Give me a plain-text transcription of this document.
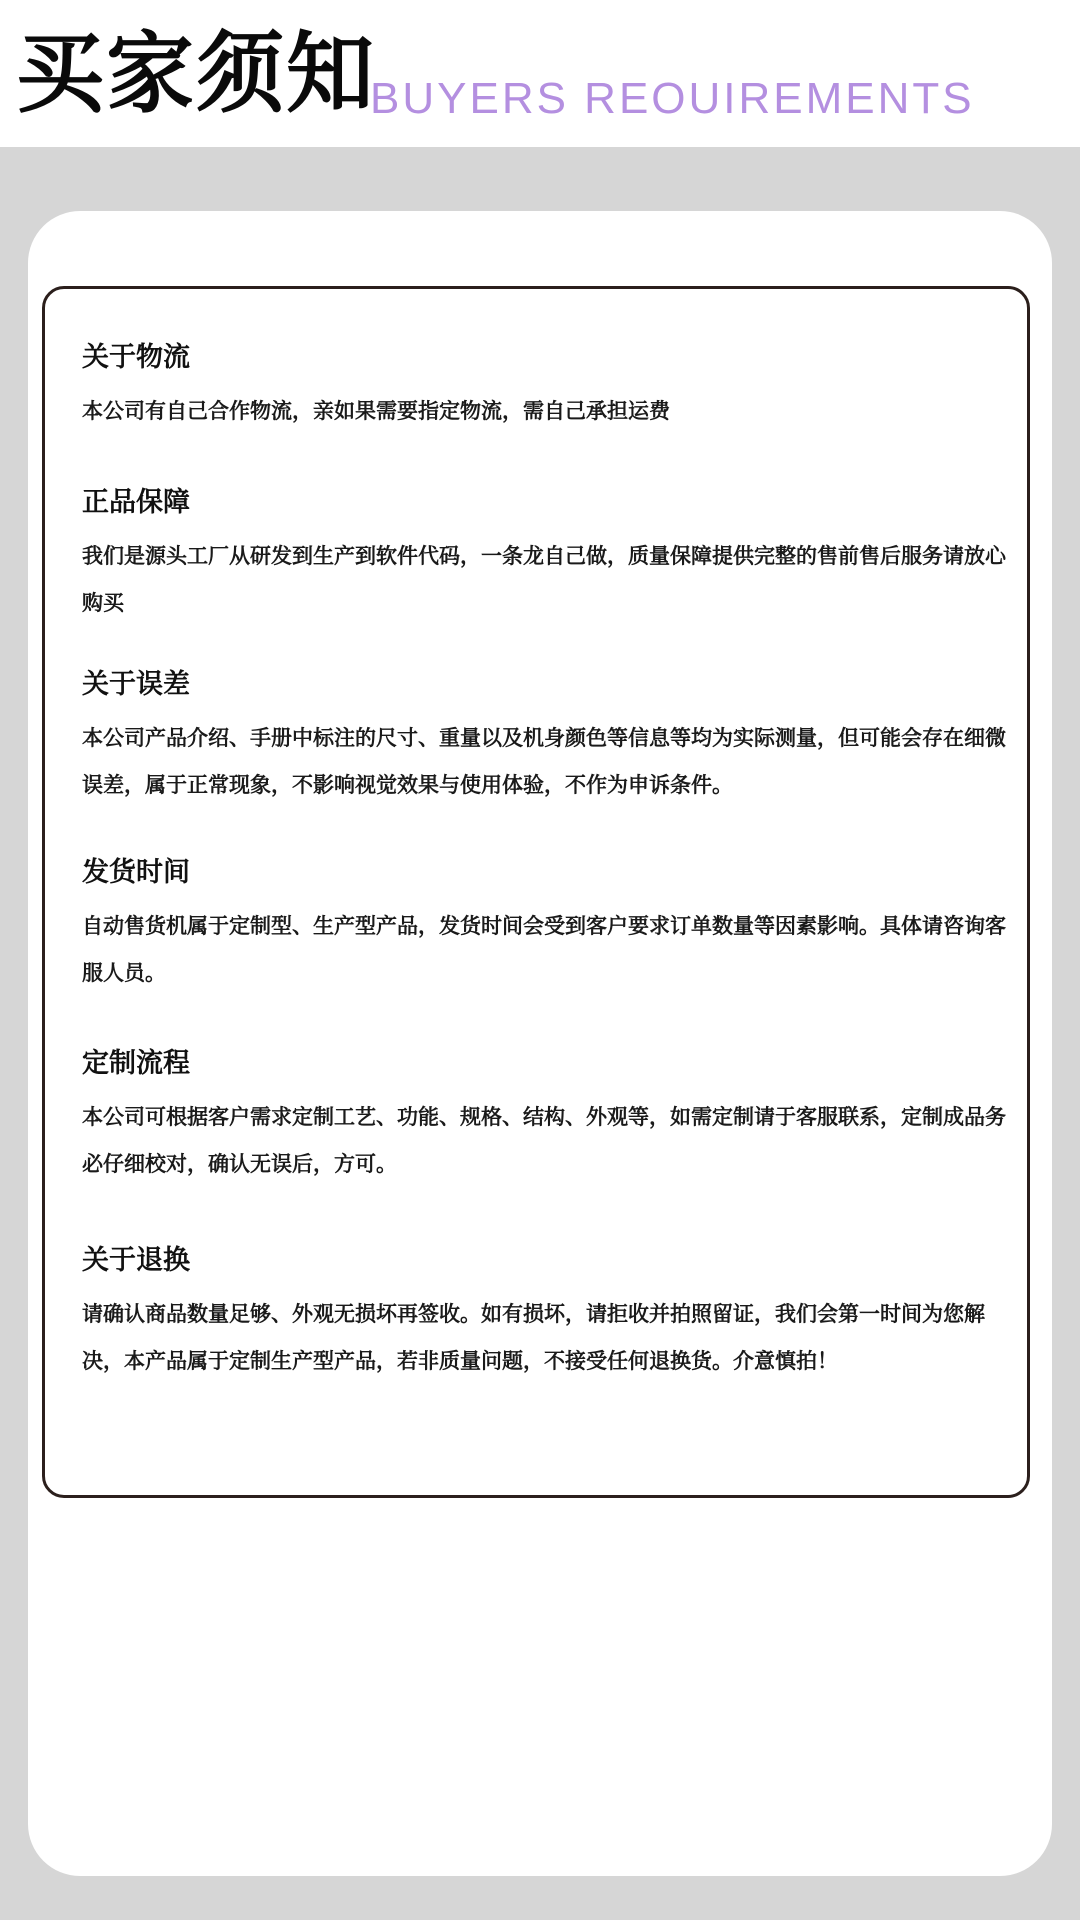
买家须知
BUYERS REOUIREMENTS
关于物流
本公司有自己合作物流，亲如果需要指定物流，需自己承担运费
正品保障
我们是源头工厂从研发到生产到软件代码，一条龙自己做，质量保障提供完整的售前售后服务请放心购买
关于误差
本公司产品介绍、手册中标注的尺寸、重量以及机身颜色等信息等均为实际测量，但可能会存在细微误差，属于正常现象，不影响视觉效果与使用体验，不作为申诉条件。
发货时间
自动售货机属于定制型、生产型产品，发货时间会受到客户要求订单数量等因素影响。具体请咨询客服人员。
定制流程
本公司可根据客户需求定制工艺、功能、规格、结构、外观等，如需定制请于客服联系，定制成品务必仔细校对，确认无误后，方可。
关于退换
请确认商品数量足够、外观无损坏再签收。如有损坏，请拒收并拍照留证，我们会第一时间为您解决，本产品属于定制生产型产品，若非质量问题，不接受任何退换货。介意慎拍！
